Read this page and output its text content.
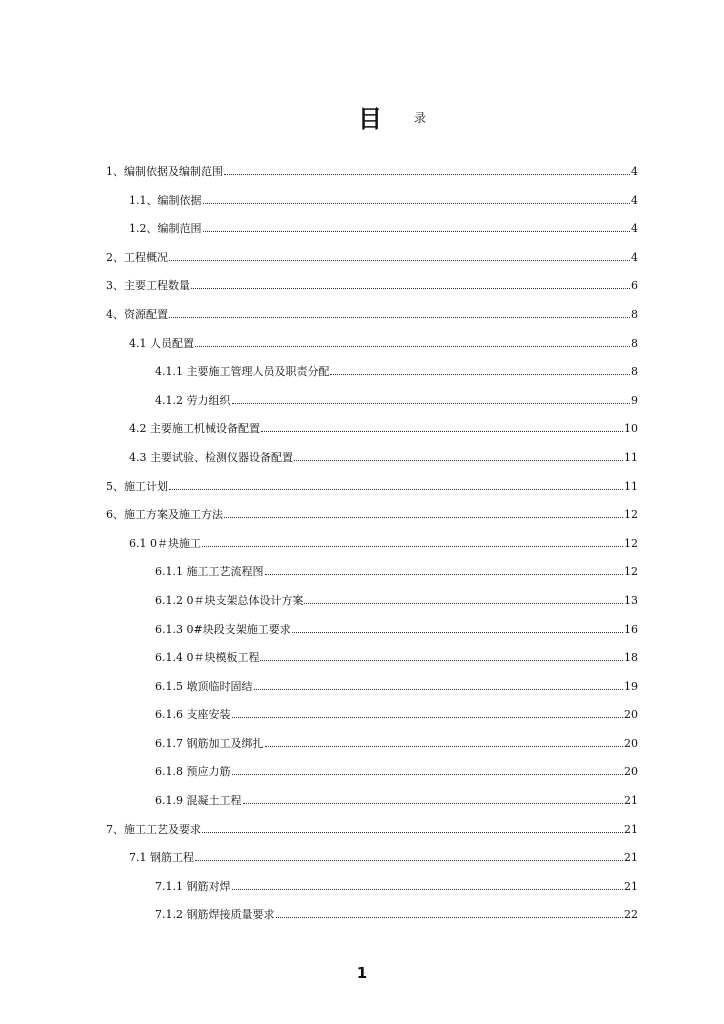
目	录
1、编制依据及编制范围	4
1.1、编制依据	4
1.2、编制范围	4
2、工程概况	4
3、主要工程数量	6
4、资源配置	8
4.1 人员配置	8
4.1.1 主要施工管理人员及职责分配	8
4.1.2 劳力组织	9
4.2 主要施工机械设备配置	10
4.3 主要试验、检测仪器设备配置	11
5、施工计划	11
6、施工方案及施工方法	12
6.1 0＃块施工	12
6.1.1 施工工艺流程图	12
6.1.2 0＃块支架总体设计方案	13
6.1.3 0#块段支架施工要求	16
6.1.4 0＃块模板工程	18
6.1.5 墩顶临时固结	19
6.1.6 支座安装	20
6.1.7 钢筋加工及绑扎	20
6.1.8 预应力筋	20
6.1.9 混凝土工程	21
7、施工工艺及要求	21
7.1 钢筋工程	21
7.1.1 钢筋对焊	21
7.1.2 钢筋焊接质量要求	22
1
